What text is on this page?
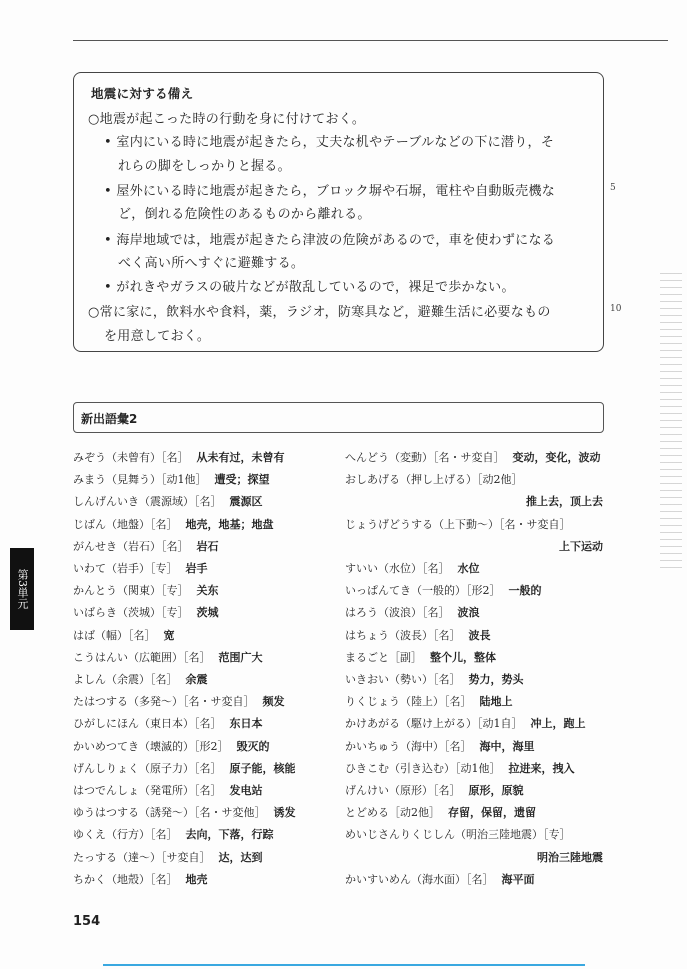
地震に対する備え
○地震が起こった時の行動を身に付けておく。
• 室内にいる時に地震が起きたら，丈夫な机やテーブルなどの下に潜り，そ
れらの脚をしっかりと握る。
• 屋外にいる時に地震が起きたら，ブロック塀や石塀，電柱や自動販売機な
ど，倒れる危険性のあるものから離れる。
• 海岸地域では，地震が起きたら津波の危険があるので，車を使わずになる
べく高い所へすぐに避難する。
• がれきやガラスの破片などが散乱しているので，裸足で歩かない。
○常に家に，飲料水や食料，薬，ラジオ，防寒具など，避難生活に必要なもの
を用意しておく。
5
10
新出語彙2
みぞう（未曾有）［名］ 从未有过，未曾有
みまう（見舞う）［动1他］ 遭受；探望
しんげんいき（震源域）［名］ 震源区
じばん（地盤）［名］ 地壳，地基；地盘
がんせき（岩石）［名］ 岩石
いわて（岩手）［专］ 岩手
かんとう（関東）［专］ 关东
いばらき（茨城）［专］ 茨城
はば（幅）［名］ 宽
こうはんい（広範囲）［名］ 范围广大
よしん（余震）［名］ 余震
たはつする（多発～）［名・サ変自］ 频发
ひがしにほん（東日本）［名］ 东日本
かいめつてき（壊滅的）［形2］ 毁灭的
げんしりょく（原子力）［名］ 原子能，核能
はつでんしょ（発電所）［名］ 发电站
ゆうはつする（誘発～）［名・サ変他］ 诱发
ゆくえ（行方）［名］ 去向，下落，行踪
たっする（達～）［サ変自］ 达，达到
ちかく（地殻）［名］ 地壳
へんどう（変動）［名・サ変自］ 变动，变化，波动
おしあげる（押し上げる）［动2他］
推上去，顶上去
じょうげどうする（上下動～）［名・サ変自］
上下运动
すいい（水位）［名］ 水位
いっぱんてき（一般的）［形2］ 一般的
はろう（波浪）［名］ 波浪
はちょう（波長）［名］ 波長
まるごと［副］ 整个儿，整体
いきおい（勢い）［名］ 势力，势头
りくじょう（陸上）［名］ 陆地上
かけあがる（駆け上がる）［动1自］ 冲上，跑上
かいちゅう（海中）［名］ 海中，海里
ひきこむ（引き込む）［动1他］ 拉进来，拽入
げんけい（原形）［名］ 原形，原貌
とどめる［动2他］ 存留，保留，遗留
めいじさんりくじしん（明治三陸地震）［专］
明治三陸地震
かいすいめん（海水面）［名］ 海平面
第3単元
154
